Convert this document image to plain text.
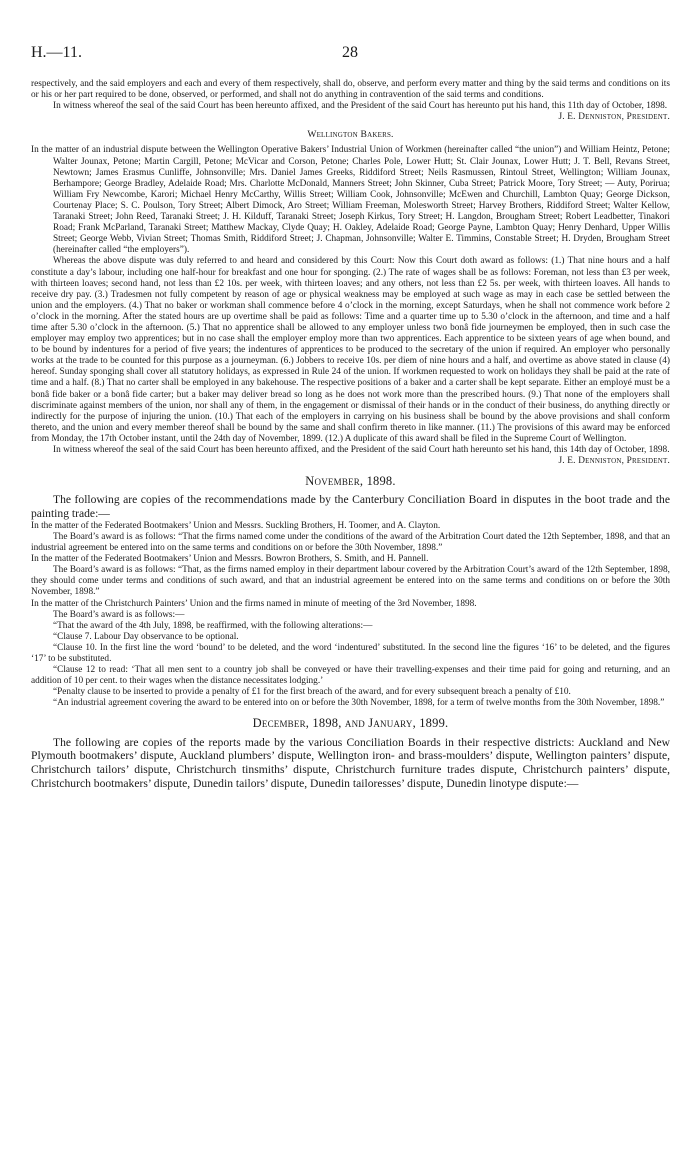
H.—11.	28

respectively, and the said employers and each and every of them respectively, shall do, observe, and perform every matter and thing by the said terms and conditions on its or his or her part required to be done, observed, or performed, and shall not do anything in contravention of the said terms and conditions.

In witness whereof the seal of the said Court has been hereunto affixed, and the President of the said Court has hereunto put his hand, this 11th day of October, 1898.

J. E. Denniston, President.
Wellington Bakers.

In the matter of an industrial dispute between the Wellington Operative Bakers’ Industrial Union of Workmen (hereinafter called “the union”) and William Heintz, Petone; Walter Jounax, Petone; Martin Cargill, Petone; McVicar and Corson, Petone; Charles Pole, Lower Hutt; St. Clair Jounax, Lower Hutt; J. T. Bell, Revans Street, Newtown; James Erasmus Cunliffe, Johnsonville; Mrs. Daniel James Greeks, Riddiford Street; Neils Rasmussen, Rintoul Street, Wellington; William Jounax, Berhampore; George Bradley, Adelaide Road; Mrs. Charlotte McDonald, Manners Street; John Skinner, Cuba Street; Patrick Moore, Tory Street; — Auty, Porirua; William Fry Newcombe, Karori; Michael Henry McCarthy, Willis Street; William Cook, Johnsonville; McEwen and Churchill, Lambton Quay; George Dickson, Courtenay Place; S. C. Poulson, Tory Street; Albert Dimock, Aro Street; William Freeman, Molesworth Street; Harvey Brothers, Riddiford Street; Walter Kellow, Taranaki Street; John Reed, Taranaki Street; J. H. Kilduff, Taranaki Street; Joseph Kirkus, Tory Street; H. Langdon, Brougham Street; Robert Leadbetter, Tinakori Road; Frank McParland, Taranaki Street; Matthew Mackay, Clyde Quay; H. Oakley, Adelaide Road; George Payne, Lambton Quay; Henry Denhard, Upper Willis Street; George Webb, Vivian Street; Thomas Smith, Riddiford Street; J. Chapman, Johnsonville; Walter E. Timmins, Constable Street; H. Dryden, Brougham Street (hereinafter called “the employers”).

Whereas the above dispute was duly referred to and heard and considered by this Court: Now this Court doth award as follows: (1.) That nine hours and a half constitute a day’s labour, including one half-hour for breakfast and one hour for sponging. (2.) The rate of wages shall be as follows: Foreman, not less than £3 per week, with thirteen loaves; second hand, not less than £2 10s. per week, with thirteen loaves; and any others, not less than £2 5s. per week, with thirteen loaves. All hands to receive dry pay. (3.) Tradesmen not fully competent by reason of age or physical weakness may be employed at such wage as may in each case be settled between the union and the employers. (4.) That no baker or workman shall commence before 4 o’clock in the morning, except Saturdays, when he shall not commence work before 2 o’clock in the morning. After the stated hours are up overtime shall be paid as follows: Time and a quarter time up to 5.30 o’clock in the afternoon, and time and a half time after 5.30 o’clock in the afternoon. (5.) That no apprentice shall be allowed to any employer unless two bonâ fide journeymen be employed, then in such case the employer may employ two apprentices; but in no case shall the employer employ more than two apprentices. Each apprentice to be sixteen years of age when bound, and to be bound by indentures for a period of five years; the indentures of apprentices to be produced to the secretary of the union if required. An employer who personally works at the trade to be counted for this purpose as a journeyman. (6.) Jobbers to receive 10s. per diem of nine hours and a half, and overtime as above stated in clause (4) hereof. Sunday sponging shall cover all statutory holidays, as expressed in Rule 24 of the union. If workmen requested to work on holidays they shall be paid at the rate of time and a half. (8.) That no carter shall be employed in any bakehouse. The respective positions of a baker and a carter shall be kept separate. Either an employé must be a bonâ fide baker or a bonâ fide carter; but a baker may deliver bread so long as he does not work more than the prescribed hours. (9.) That none of the employers shall discriminate against members of the union, nor shall any of them, in the engagement or dismissal of their hands or in the conduct of their business, do anything directly or indirectly for the purpose of injuring the union. (10.) That each of the employers in carrying on his business shall be bound by the above provisions and shall conform thereto, and the union and every member thereof shall be bound by the same and shall confirm thereto in like manner. (11.) The provisions of this award may be enforced from Monday, the 17th October instant, until the 24th day of November, 1899. (12.) A duplicate of this award shall be filed in the Supreme Court of Wellington.

In witness whereof the seal of the said Court has been hereunto affixed, and the President of the said Court hath hereunto set his hand, this 14th day of October, 1898.

J. E. Denniston, President.
November, 1898.

The following are copies of the recommendations made by the Canterbury Conciliation Board in disputes in the boot trade and the painting trade:—

In the matter of the Federated Bootmakers’ Union and Messrs. Suckling Brothers, H. Toomer, and A. Clayton.

The Board’s award is as follows: “That the firms named come under the conditions of the award of the Arbitration Court dated the 12th September, 1898, and that an industrial agreement be entered into on the same terms and conditions on or before the 30th November, 1898.”

In the matter of the Federated Bootmakers’ Union and Messrs. Bowron Brothers, S. Smith, and H. Pannell.

The Board’s award is as follows: “That, as the firms named employ in their department labour covered by the Arbitration Court’s award of the 12th September, 1898, they should come under terms and conditions of such award, and that an industrial agreement be entered into on the same terms and conditions on or before the 30th November, 1898.”

In the matter of the Christchurch Painters’ Union and the firms named in minute of meeting of the 3rd November, 1898.

The Board’s award is as follows:—

“That the award of the 4th July, 1898, be reaffirmed, with the following alterations:—

“Clause 7. Labour Day observance to be optional.

“Clause 10. In the first line the word ‘bound’ to be deleted, and the word ‘indentured’ substituted. In the second line the figures ‘16’ to be deleted, and the figures ‘17’ to be substituted.

“Clause 12 to read: ‘That all men sent to a country job shall be conveyed or have their travelling-expenses and their time paid for going and returning, and an addition of 10 per cent. to their wages when the distance necessitates lodging.’

“Penalty clause to be inserted to provide a penalty of £1 for the first breach of the award, and for every subsequent breach a penalty of £10.

“An industrial agreement covering the award to be entered into on or before the 30th November, 1898, for a term of twelve months from the 30th November, 1898.”

December, 1898, and January, 1899.

The following are copies of the reports made by the various Conciliation Boards in their respective districts: Auckland and New Plymouth bootmakers’ dispute, Auckland plumbers’ dispute, Wellington iron- and brass-moulders’ dispute, Wellington painters’ dispute, Christchurch tailors’ dispute, Christchurch tinsmiths’ dispute, Christchurch furniture trades dispute, Christchurch painters’ dispute, Christchurch bootmakers’ dispute, Dunedin tailors’ dispute, Dunedin tailoresses’ dispute, Dunedin linotype dispute:—
